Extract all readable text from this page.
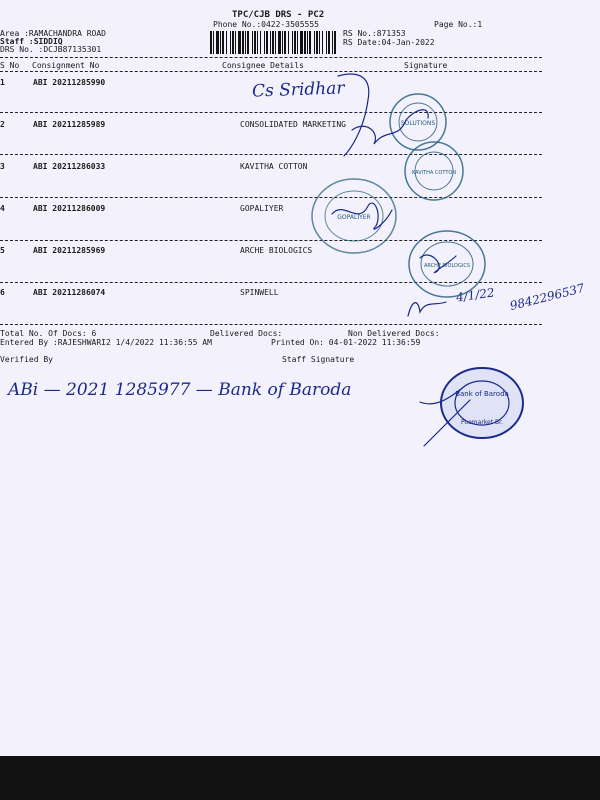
TPC/CJB DRS - PC2
Phone No.:0422-3505555	Page No.:1
Area :RAMACHANDRA ROAD
Staff :SIDDIQ
DRS No. :DCJB87135301
RS No.:871353
RS Date:04-Jan-2022
S No Consignment No	Consignee Details	Signature
1	ABI 20211285990
2	ABI 20211285989	CONSOLIDATED MARKETING
3	ABI 20211286033	KAVITHA COTTON
4	ABI 20211286009	GOPALIYER
5	ABI 20211285969	ARCHE BIOLOGICS
6	ABI 20211286074	SPINWELL
Total No. Of Docs: 6	Delivered Docs:	Non Delivered Docs:
Entered By :RAJESHWARI2 1/4/2022 11:36:55 AM	Printed On: 04-01-2022 11:36:59
Verified By	Staff Signature
Cs Sridhar
4/1/22 9842296537
ABi — 2021 1285977 — Bank of Baroda
SOLUTIONS
KAVITHA COTTON
GOPALIYER
ARCHE BIOLOGICS
Bank of Baroda
Poomarket Br.
